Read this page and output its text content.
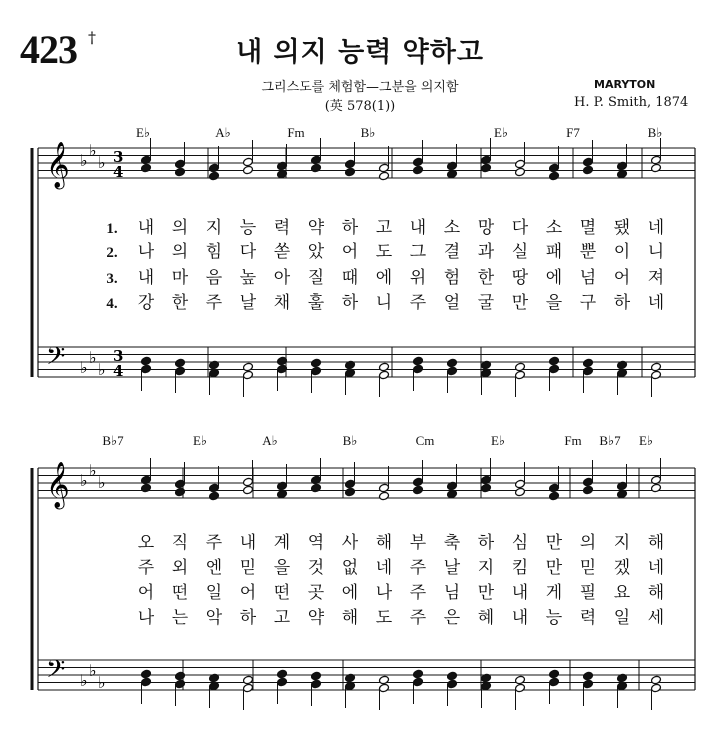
423 †	내 의지 능력 약하고
그리스도를 체험함—그분을 의지함
(英 578(1))
MARYTON
H. P. Smith, 1874
𝄞
𝄢
♭
♭
♭
♭
♭
♭
3
4
3
4
E♭	A♭	Fm	B♭	E♭	F7	B♭
1. 내 의 지 능 력 약 하 고 내 소 망 다 소 멸 됐 네
2. 나 의 힘 다 쏟 았 어 도 그 결 과 실 패 뿐 이 니
3. 내 마 음 높 아 질 때 에 위 험 한 땅 에 넘 어 져
4. 강 한 주 날 채 훌 하 니 주 얼 굴 만 을 구 하 네
𝄞
𝄢
♭
♭
♭
♭
♭
♭
B♭7	E♭	A♭	B♭	Cm	E♭	Fm B♭7 E♭
오 직 주 내 계 역 사 해 부 축 하 심 만 의 지 해
주 외 엔 믿 을 것 없 네 주 날 지 킴 만 믿 겠 네
어 떤 일 어 떤 곳 에 나 주 님 만 내 게 필 요 해
나 는 악 하 고 약 해 도 주 은 혜 내 능 력 일 세
